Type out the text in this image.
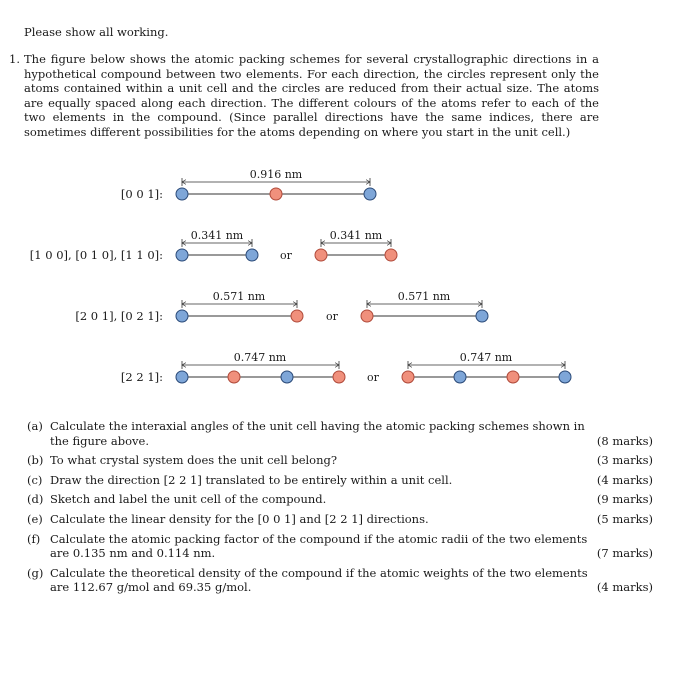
Please show all working.
1. The figure below shows the atomic packing schemes for several crystallographic directions in a hypothetical compound between two elements. For each direction, the circles represent only the atoms contained within a unit cell and the circles are reduced from their actual size. The atoms are equally spaced along each direction. The different colours of the atoms refer to each of the two elements in the compound. (Since parallel directions have the same indices, there are sometimes different possibilities for the atoms depending on where you start in the unit cell.)
[0 0 1]:
[1 0 0], [0 1 0], [1 1 0]:
[2 0 1], [0 2 1]:
[2 2 1]:
0.916 nm
0.341 nm
or
0.341 nm
0.571 nm
or
0.571 nm
0.747 nm
or
0.747 nm
(a) Calculate the interaxial angles of the unit cell having the atomic packing schemes shown in the figure above.	(8 marks)
(b) To what crystal system does the unit cell belong?	(3 marks)
(c) Draw the direction [2 2 1] translated to be entirely within a unit cell.	(4 marks)
(d) Sketch and label the unit cell of the compound.	(9 marks)
(e) Calculate the linear density for the [0 0 1] and [2 2 1] directions.	(5 marks)
(f) Calculate the atomic packing factor of the compound if the atomic radii of the two elements are 0.135 nm and 0.114 nm.	(7 marks)
(g) Calculate the theoretical density of the compound if the atomic weights of the two elements are 112.67 g/mol and 69.35 g/mol.	(4 marks)
